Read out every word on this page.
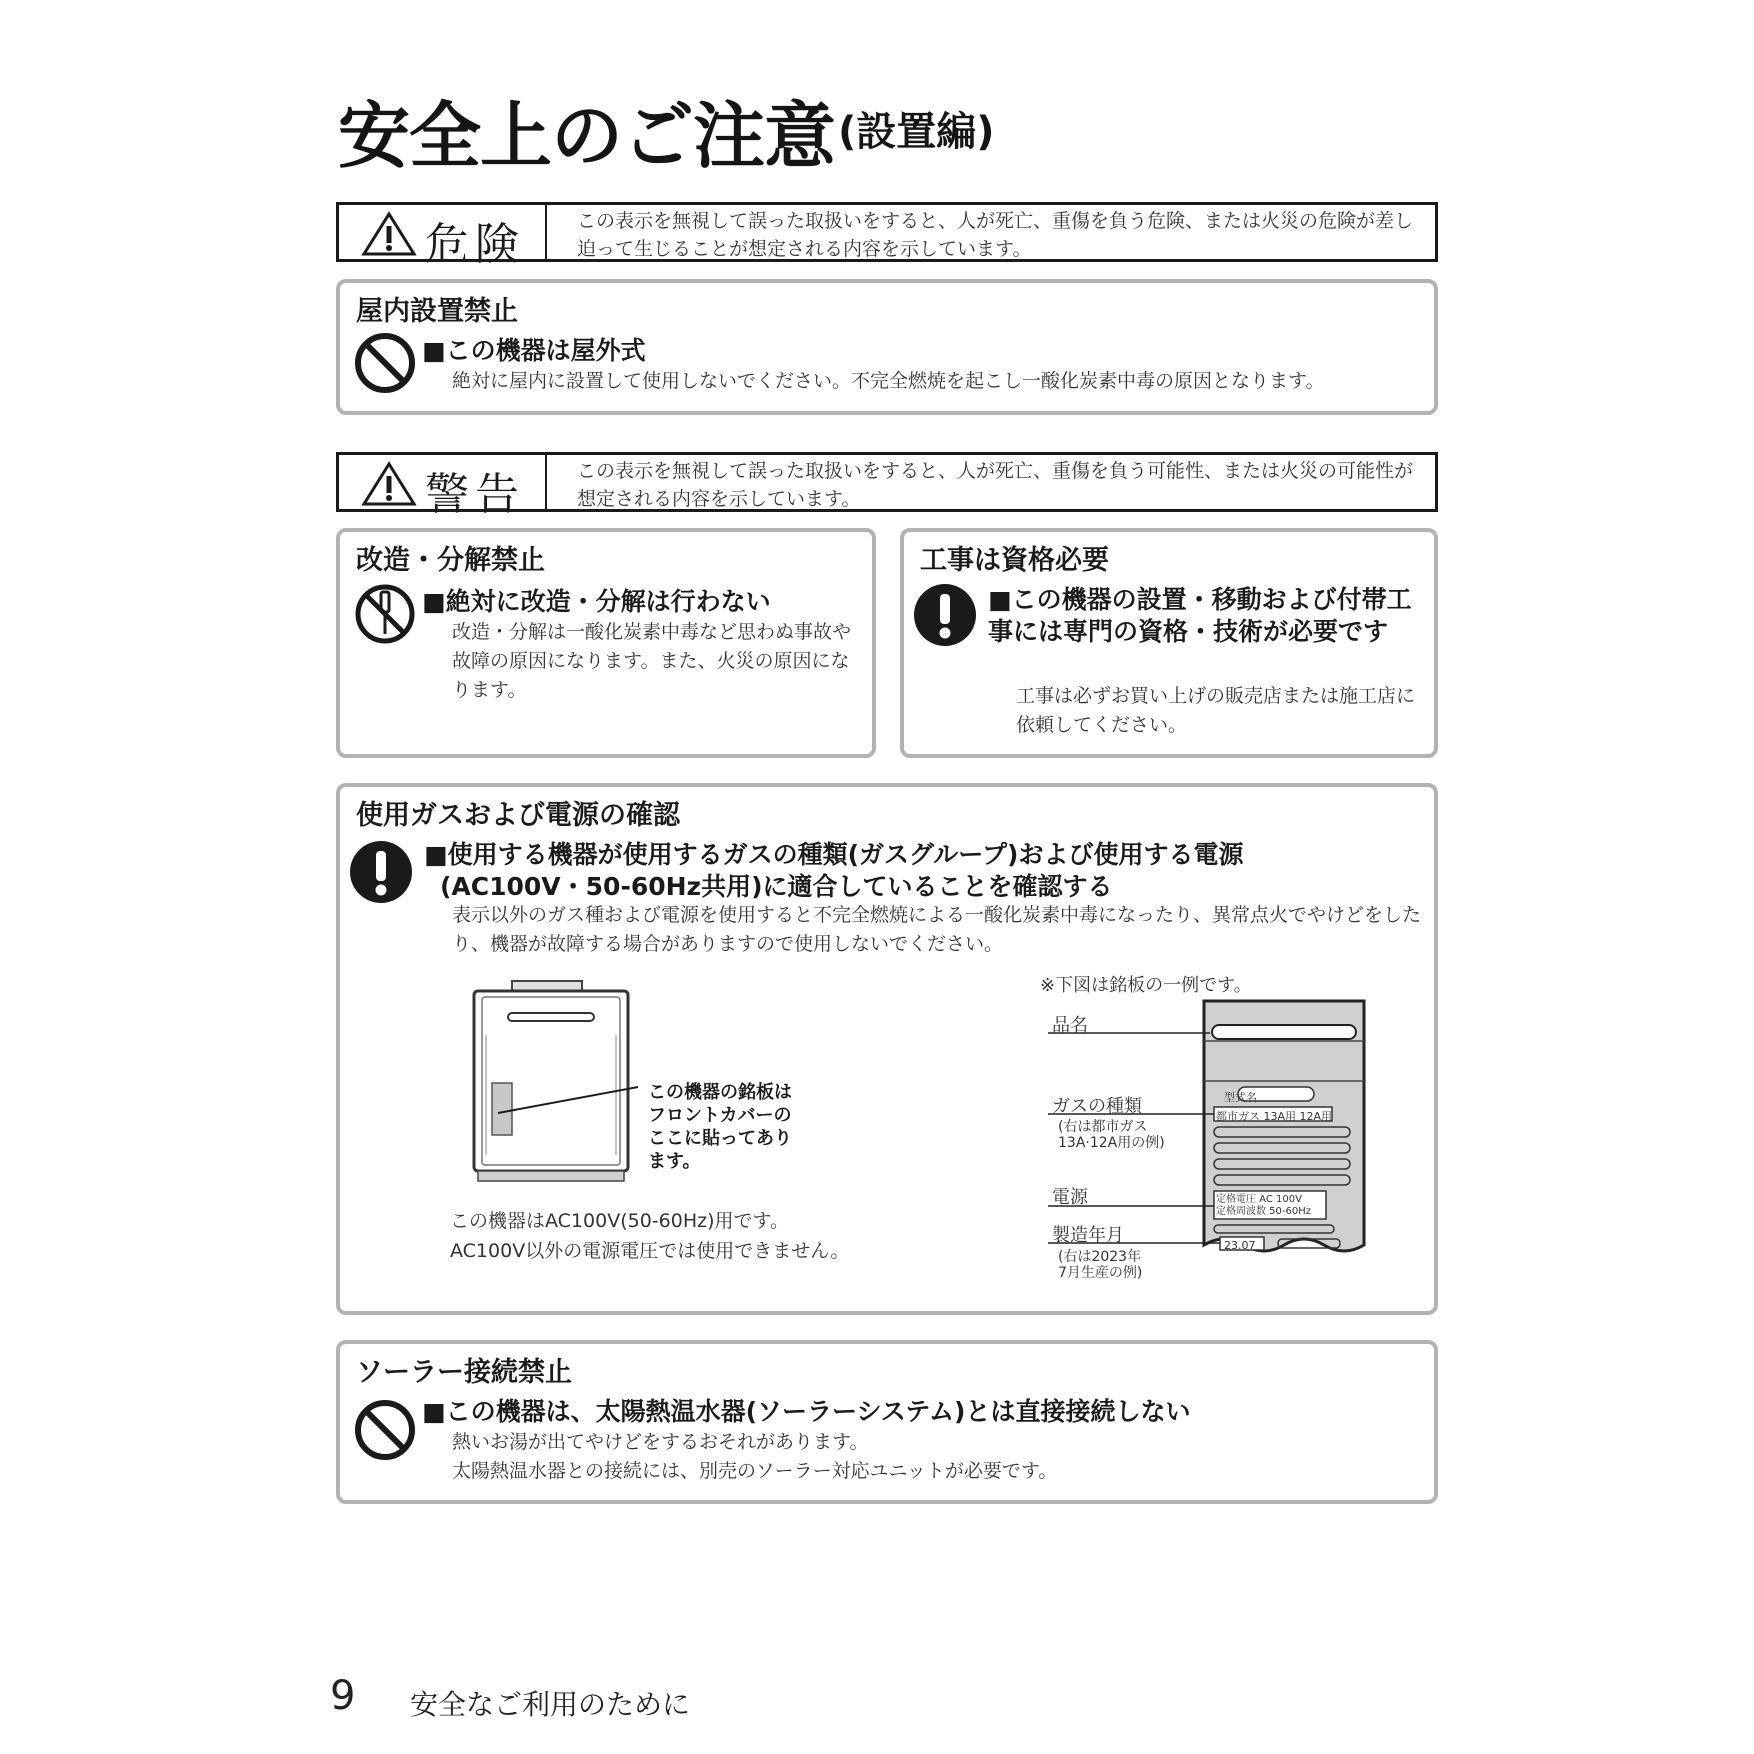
安全上のご注意 (設置編)
危険	この表示を無視して誤った取扱いをすると、人が死亡、重傷を負う危険、または火災の危険が差し迫って生じることが想定される内容を示しています。
屋内設置禁止
■この機器は屋外式
絶対に屋内に設置して使用しないでください。不完全燃焼を起こし一酸化炭素中毒の原因となります。
警告	この表示を無視して誤った取扱いをすると、人が死亡、重傷を負う可能性、または火災の可能性が想定される内容を示しています。
改造・分解禁止
■絶対に改造・分解は行わない
改造・分解は一酸化炭素中毒など思わぬ事故や故障の原因になります。また、火災の原因になります。
工事は資格必要
■この機器の設置・移動および付帯工事には専門の資格・技術が必要です
工事は必ずお買い上げの販売店または施工店に依頼してください。
使用ガスおよび電源の確認
■使用する機器が使用するガスの種類(ガスグループ)および使用する電源
(AC100V・50-60Hz共用)に適合していることを確認する
表示以外のガス種および電源を使用すると不完全燃焼による一酸化炭素中毒になったり、異常点火でやけどをしたり、機器が故障する場合がありますので使用しないでください。
この機器の銘板はフロントカバーのここに貼ってあります。
この機器はAC100V(50-60Hz)用です。
AC100V以外の電源電圧では使用できません。
※下図は銘板の一例です。
型式名
都市ガス 13A用 12A用
定格電圧 AC 100V
定格周波数 50-60Hz
23.07
品名
ガスの種類
(右は都市ガス
13A·12A用の例)
電源
製造年月
(右は2023年
7月生産の例)
ソーラー接続禁止
■この機器は、太陽熱温水器(ソーラーシステム)とは直接接続しない
熱いお湯が出てやけどをするおそれがあります。
太陽熱温水器との接続には、別売のソーラー対応ユニットが必要です。
9 安全なご利用のために
